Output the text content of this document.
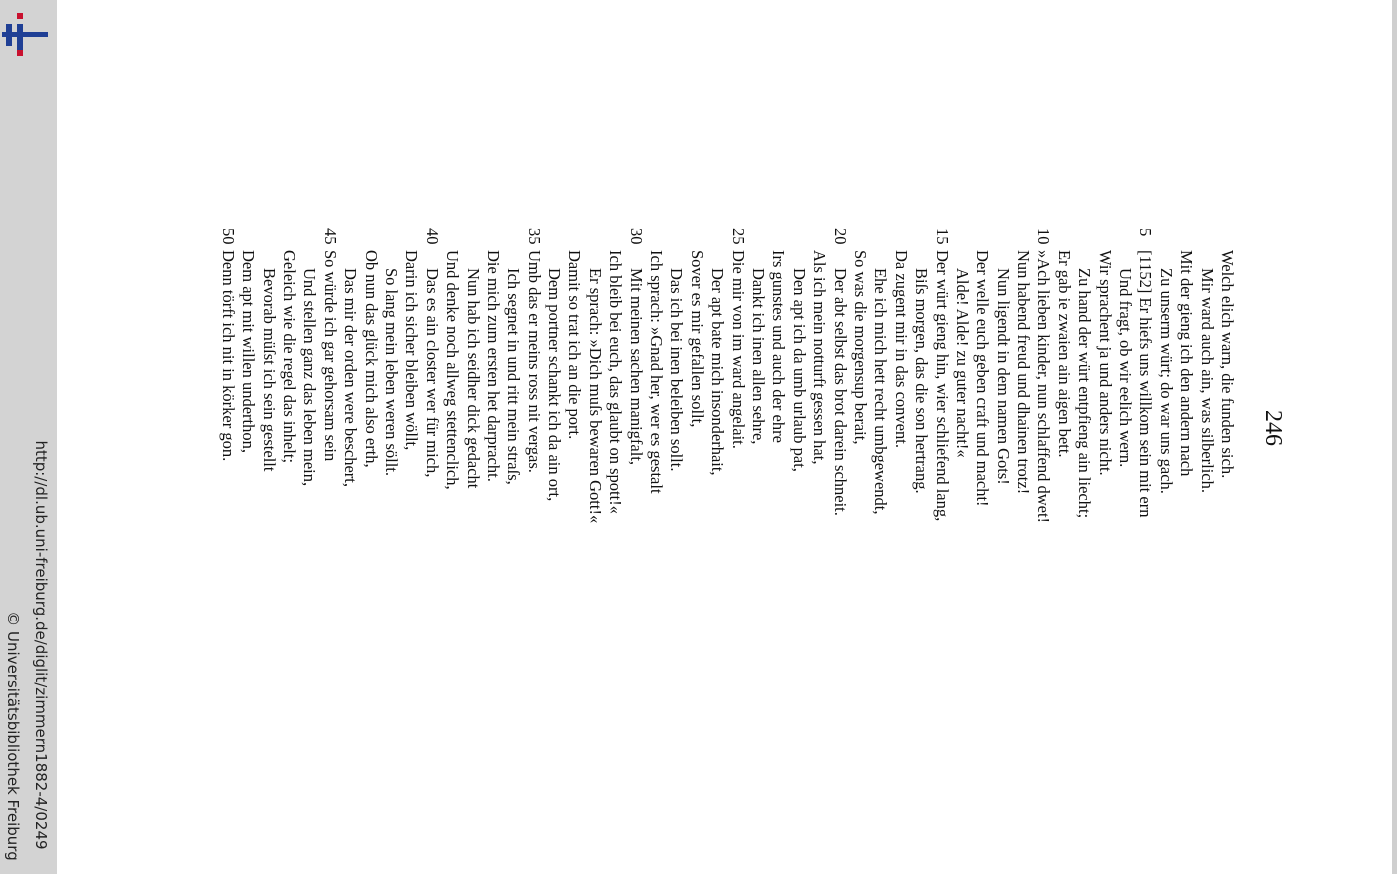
http://dl.ub.uni-freiburg.de/diglit/zimmern1882-4/0249
© Universitätsbibliothek Freiburg
246
Welch elich warn, die funden sich.
Mir ward auch ain, was silberlich.
Mit der gieng ich den andern nach
Zu unserm würt; do war uns gach.
5
[1152] Er hiefs uns willkom sein mit ern
Und fragt, ob wir eelich wern.
Wir sprachent ja und anders nicht.
Zu hand der würt entpfieng ain liecht;
Er gab ie zwaien ain aigen bett.
10
»Ach lieben kinder, nun schlaffend dwet!
Nun habend freud und dhainen trotz!
Nun ligendt in dem namen Gots!
Der welle euch geben craft und macht!
Alde! Alde! zu guter nacht!«
15
Der würt gieng hin, wier schliefend lang,
Biſs morgen, das die son hertrang.
Da zugent mir in das convent.
Ehe ich mich hett recht umbgewendt,
So was die morgensup berait,
20
Der abt selbst das brot darein schneit.
Als ich mein notturft gessen hat,
Den apt ich da umb urlaub pat,
Irs gunstes und auch der ehre
Dankt ich inen allen sehre,
25
Die mir von im ward angelait.
Der apt bate mich insonderhait,
Sover es mir gefallen sollt,
Das ich bei inen beleiben sollt.
Ich sprach: »Gnad her, wer es gestalt
30
Mit meinen sachen manigfalt,
Ich bleib bei euch, das glaubt on spott!«
Er sprach: »Dich muſs bewaren Gott!«
Damit so trat ich an die port.
Dem portner schankt ich da ain ort,
35
Umb das er meins ross nit vergas.
Ich segnet in und ritt mein straſs,
Die mich zum ersten het darpracht.
Nun hab ich seidher dick gedacht
Und denke noch allweg stettenclich,
40
Das es ain closter wer für mich,
Darin ich sicher bleiben wöllt,
So lang mein leben weren söllt.
Ob nun das glück mich also erth,
Das mir der orden were beschert,
45
So würde ich gar gehorsam sein
Und stellen ganz das leben mein,
Geleich wie die regel das inhelt;
Bevorab müſst ich sein gestellt
Dem apt mit willen underthon,
50
Denn törft ich nit in körker gon.
